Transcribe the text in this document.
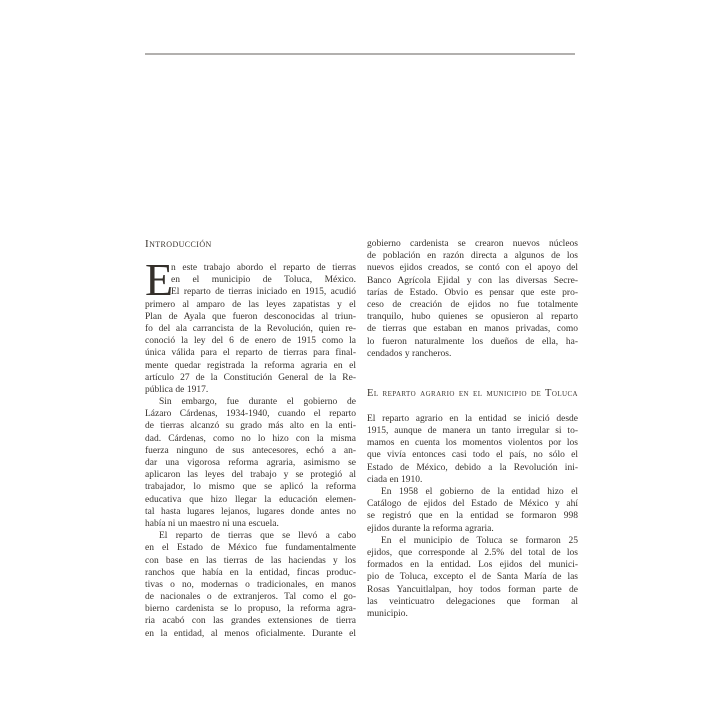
Introducción
E
n este trabajo abordo el reparto de tierras
en el municipio de Toluca, México.
El reparto de tierras iniciado en 1915, acudió
primero al amparo de las leyes zapatistas y el
Plan de Ayala que fueron desconocidas al triun-
fo del ala carrancista de la Revolución, quien re-
conoció la ley del 6 de enero de 1915 como la
única válida para el reparto de tierras para final-
mente quedar registrada la reforma agraria en el
artículo 27 de la Constitución General de la Re-
pública de 1917.
Sin embargo, fue durante el gobierno de
Lázaro Cárdenas, 1934-1940, cuando el reparto
de tierras alcanzó su grado más alto en la enti-
dad. Cárdenas, como no lo hizo con la misma
fuerza ninguno de sus antecesores, echó a an-
dar una vigorosa reforma agraria, asimismo se
aplicaron las leyes del trabajo y se protegió al
trabajador, lo mismo que se aplicó la reforma
educativa que hizo llegar la educación elemen-
tal hasta lugares lejanos, lugares donde antes no
había ni un maestro ni una escuela.
El reparto de tierras que se llevó a cabo
en el Estado de México fue fundamentalmente
con base en las tierras de las haciendas y los
ranchos que había en la entidad, fincas produc-
tivas o no, modernas o tradicionales, en manos
de nacionales o de extranjeros. Tal como el go-
bierno cardenista se lo propuso, la reforma agra-
ria acabó con las grandes extensiones de tierra
en la entidad, al menos oficialmente. Durante el
gobierno cardenista se crearon nuevos núcleos
de población en razón directa a algunos de los
nuevos ejidos creados, se contó con el apoyo del
Banco Agrícola Ejidal y con las diversas Secre-
tarías de Estado. Obvio es pensar que este pro-
ceso de creación de ejidos no fue totalmente
tranquilo, hubo quienes se opusieron al reparto
de tierras que estaban en manos privadas, como
lo fueron naturalmente los dueños de ella, ha-
cendados y rancheros.
El reparto agrario en el municipio de Toluca
El reparto agrario en la entidad se inició desde
1915, aunque de manera un tanto irregular si to-
mamos en cuenta los momentos violentos por los
que vivía entonces casi todo el país, no sólo el
Estado de México, debido a la Revolución ini-
ciada en 1910.
En 1958 el gobierno de la entidad hizo el
Catálogo de ejidos del Estado de México y ahí
se registró que en la entidad se formaron 998
ejidos durante la reforma agraria.
En el municipio de Toluca se formaron 25
ejidos, que corresponde al 2.5% del total de los
formados en la entidad. Los ejidos del munici-
pio de Toluca, excepto el de Santa María de las
Rosas Yancuitlalpan, hoy todos forman parte de
las veinticuatro delegaciones que forman al
municipio.
